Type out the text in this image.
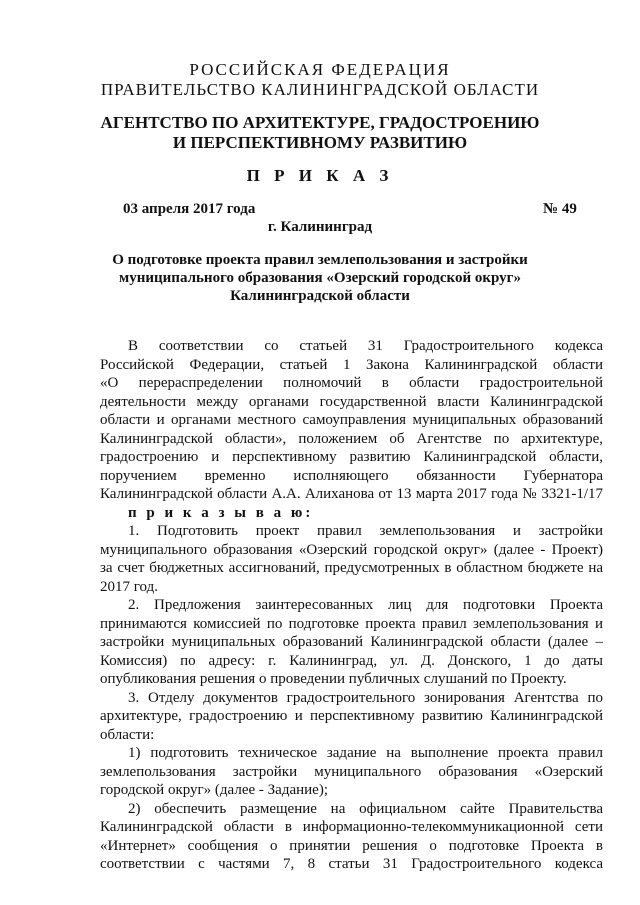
РОССИЙСКАЯ ФЕДЕРАЦИЯ
ПРАВИТЕЛЬСТВО КАЛИНИНГРАДСКОЙ ОБЛАСТИ
АГЕНТСТВО ПО АРХИТЕКТУРЕ, ГРАДОСТРОЕНИЮ
И ПЕРСПЕКТИВНОМУ РАЗВИТИЮ
П Р И К А З
03 апреля 2017 года	№ 49
г. Калининград
О подготовке проекта правил землепользования и застройки
муниципального образования «Озерский городской округ»
Калининградской области
В соответствии со статьей 31 Градостроительного кодекса
Российской Федерации, статьей 1 Закона Калининградской области
«О перераспределении полномочий в области градостроительной
деятельности между органами государственной власти Калининградской
области и органами местного самоуправления муниципальных образований
Калининградской области», положением об Агентстве по архитектуре,
градостроению и перспективному развитию Калининградской области,
поручением временно исполняющего обязанности Губернатора
Калининградской области А.А. Алиханова от 13 марта 2017 года № 3321-1/17
п р и к а з ы в а ю:
1. Подготовить проект правил землепользования и застройки
муниципального образования «Озерский городской округ» (далее - Проект)
за счет бюджетных ассигнований, предусмотренных в областном бюджете на
2017 год.
2. Предложения заинтересованных лиц для подготовки Проекта
принимаются комиссией по подготовке проекта правил землепользования и
застройки муниципальных образований Калининградской области (далее –
Комиссия) по адресу: г. Калининград, ул. Д. Донского, 1 до даты
опубликования решения о проведении публичных слушаний по Проекту.
3. Отделу документов градостроительного зонирования Агентства по
архитектуре, градостроению и перспективному развитию Калининградской
области:
1) подготовить техническое задание на выполнение проекта правил
землепользования застройки муниципального образования «Озерский
городской округ» (далее - Задание);
2) обеспечить размещение на официальном сайте Правительства
Калининградской области в информационно-телекоммуникационной сети
«Интернет» сообщения о принятии решения о подготовке Проекта в
соответствии с частями 7, 8 статьи 31 Градостроительного кодекса
